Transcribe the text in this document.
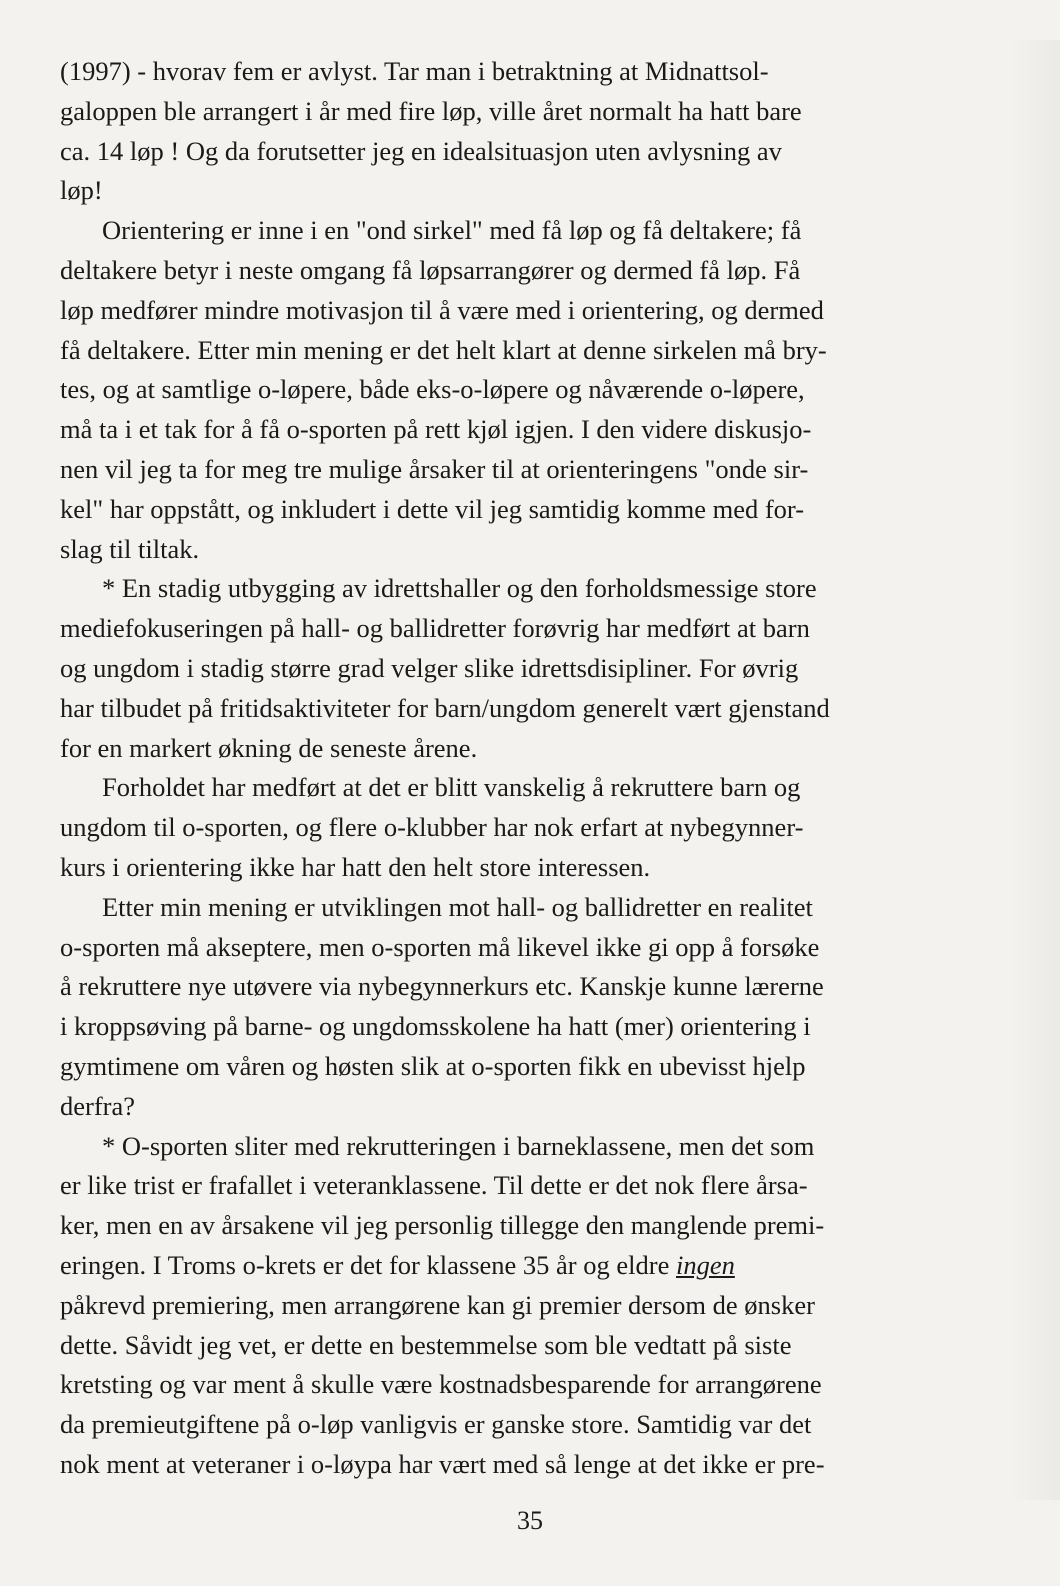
(1997) - hvorav fem er avlyst. Tar man i betraktning at Midnattsol-
galoppen ble arrangert i år med fire løp, ville året normalt ha hatt bare
ca. 14 løp ! Og da forutsetter jeg en idealsituasjon uten avlysning av
løp!
Orientering er inne i en "ond sirkel" med få løp og få deltakere; få
deltakere betyr i neste omgang få løpsarrangører og dermed få løp. Få
løp medfører mindre motivasjon til å være med i orientering, og dermed
få deltakere. Etter min mening er det helt klart at denne sirkelen må bry-
tes, og at samtlige o-løpere, både eks-o-løpere og nåværende o-løpere,
må ta i et tak for å få o-sporten på rett kjøl igjen. I den videre diskusjo-
nen vil jeg ta for meg tre mulige årsaker til at orienteringens "onde sir-
kel" har oppstått, og inkludert i dette vil jeg samtidig komme med for-
slag til tiltak.
* En stadig utbygging av idrettshaller og den forholdsmessige store
mediefokuseringen på hall- og ballidretter forøvrig har medført at barn
og ungdom i stadig større grad velger slike idrettsdisipliner. For øvrig
har tilbudet på fritidsaktiviteter for barn/ungdom generelt vært gjenstand
for en markert økning de seneste årene.
Forholdet har medført at det er blitt vanskelig å rekruttere barn og
ungdom til o-sporten, og flere o-klubber har nok erfart at nybegynner-
kurs i orientering ikke har hatt den helt store interessen.
Etter min mening er utviklingen mot hall- og ballidretter en realitet
o-sporten må akseptere, men o-sporten må likevel ikke gi opp å forsøke
å rekruttere nye utøvere via nybegynnerkurs etc. Kanskje kunne lærerne
i kroppsøving på barne- og ungdomsskolene ha hatt (mer) orientering i
gymtimene om våren og høsten slik at o-sporten fikk en ubevisst hjelp
derfra?
* O-sporten sliter med rekrutteringen i barneklassene, men det som
er like trist er frafallet i veteranklassene. Til dette er det nok flere årsa-
ker, men en av årsakene vil jeg personlig tillegge den manglende premi-
eringen. I Troms o-krets er det for klassene 35 år og eldre ingen
påkrevd premiering, men arrangørene kan gi premier dersom de ønsker
dette. Såvidt jeg vet, er dette en bestemmelse som ble vedtatt på siste
kretsting og var ment å skulle være kostnadsbesparende for arrangørene
da premieutgiftene på o-løp vanligvis er ganske store. Samtidig var det
nok ment at veteraner i o-løypa har vært med så lenge at det ikke er pre-
35
